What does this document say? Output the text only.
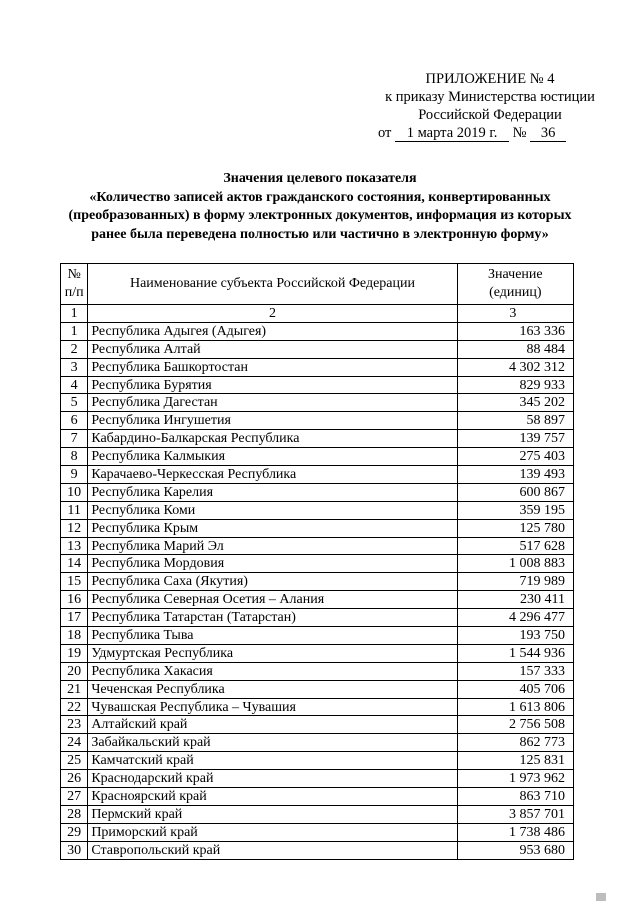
ПРИЛОЖЕНИЕ № 4
к приказу Министерства юстиции
Российской Федерации
от 1 марта 2019 г. № 36
Значения целевого показателя
«Количество записей актов гражданского состояния, конвертированных
(преобразованных) в форму электронных документов, информация из которых
ранее была переведена полностью или частично в электронную форму»
№ п/п	Наименование субъекта Российской Федерации	Значение (единиц)
1	2	3
1	Республика Адыгея (Адыгея)	163 336
2	Республика Алтай	88 484
3	Республика Башкортостан	4 302 312
4	Республика Бурятия	829 933
5	Республика Дагестан	345 202
6	Республика Ингушетия	58 897
7	Кабардино-Балкарская Республика	139 757
8	Республика Калмыкия	275 403
9	Карачаево-Черкесская Республика	139 493
10	Республика Карелия	600 867
11	Республика Коми	359 195
12	Республика Крым	125 780
13	Республика Марий Эл	517 628
14	Республика Мордовия	1 008 883
15	Республика Саха (Якутия)	719 989
16	Республика Северная Осетия – Алания	230 411
17	Республика Татарстан (Татарстан)	4 296 477
18	Республика Тыва	193 750
19	Удмуртская Республика	1 544 936
20	Республика Хакасия	157 333
21	Чеченская Республика	405 706
22	Чувашская Республика – Чувашия	1 613 806
23	Алтайский край	2 756 508
24	Забайкальский край	862 773
25	Камчатский край	125 831
26	Краснодарский край	1 973 962
27	Красноярский край	863 710
28	Пермский край	3 857 701
29	Приморский край	1 738 486
30	Ставропольский край	953 680
